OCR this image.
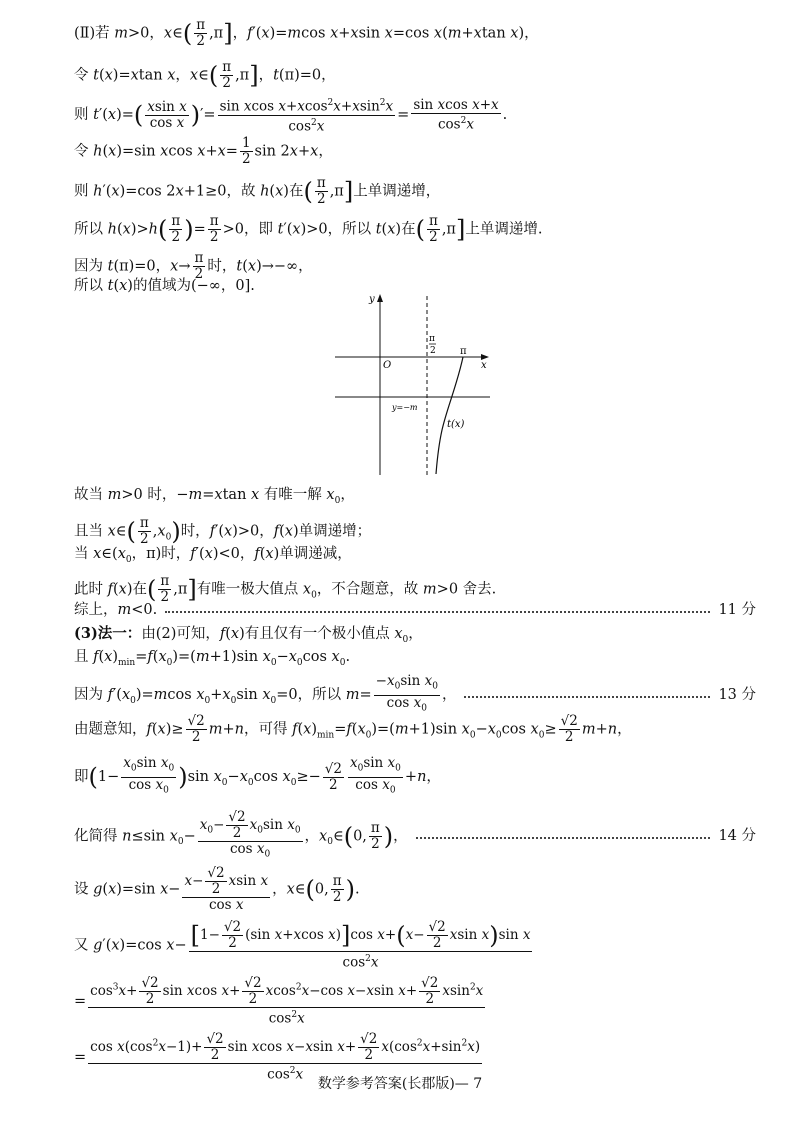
(Ⅱ)若 m>0，x∈( $\frac{\pi}{2} ,\pi$]，f′(x)=mcos x+xsin x=cos x(m+xtan x)，
令 t(x)=xtan x，x∈( $\frac{\pi}{2} ,\pi$]，t(π)=0，
则 $t'(x)=( \frac{\text{xsin x}}{\text{cos x}}$ )′= $\frac{\sin xcos x+xcos^2x+xsin^2x}{\cos^2x} = \frac{\text{sin xcos x+x}}{\cos^2x}$ .
令 h(x)=sin xcos $x+x= \frac{1}{2}$ sin 2x+x，
则 h′(x)=cos 2x+1≥0，故 h(x)在( $\frac{\pi}{2} ,\pi$]上单调递增，
所以 $h(x)>h( \frac{\pi}{2}$ )= $\frac{\pi}{2} >0$，即 t′(x)>0，所以 t(x)在( $\frac{\pi}{2} ,\pi$]上单调递增.
因为 t(π)=0，$x\to \frac{\pi}{2}$ 时，t(x)→−∞，
所以 t(x)的值域为(−∞，0].
y
x
O
π
2 π
y=−m
t(x)
故当 m>0 时，−m=xtan x 有唯一解 $x_0$，
且当 x∈( $\frac{\pi}{2} ,x_0$)时，f′(x)>0，f(x)单调递增；
当 $x\in(x_0$，π)时，f′(x)<0，f(x)单调递减，
此时 f(x)在( $\frac{\pi}{2} ,\pi$]有唯一极大值点 $x_0$，不合题意，故 m>0 舍去.
综上，m<0.	11 分
(3)法一：由(2)可知，f(x)有且仅有一个极小值点 $x_0$，
且 $f(x)_{min}=f(x_0)=(m+1)\sin$ $x_0-x_0\cos$ $x_0$.
因为 $f'(x_0)=mcos$ $x_0+x_0\sin$ $x_0=0$，所以 $m= \frac{-x_0\sin x_0}{\cos x_0}$ ，	13 分
由题意知，$f(x)\ge \frac{√2}{2} m+n$，可得 $f(x)_{min}=f(x_0)=(m+1)\sin$ $x_0-x_0\cos$ $x_0\ge \frac{√2}{2} m+n$，
即$(1- \frac{x_0\sin x_0}{\cos x_0} )\sin$ $x_0-x_0\cos$ $x_0\ge- \frac{√2}{2} \frac{x_0\sin x_0}{\cos x_0} +n$，
化简得 n≤sin $x_0- \frac{x_0- \frac{√2}{2} x_0\sin x_0}{\cos x_0}$ ，$x_0\in(0$, $\frac{\pi}{2}$ )，	14 分
设 g(x)=sin $x- \frac{x- \frac{√2}{2} xsin x}{\text{cos x}}$ ，x∈(0, $\frac{\pi}{2}$ ).
又 g′(x)=cos $x- \frac{[1- \frac{√2}{2} (\sin x+xcos x)]\cos x+(x- \frac{√2}{2} xsin x)\sin x}{\cos^2x}$
= $\frac{\cos^3x+ \frac{√2}{2} \sin xcos x+ \frac{√2}{2} xcos^2x-\cos x-xsin x+ \frac{√2}{2} xsin^2x}{\cos^2x}$
= $\frac{\cos x(\cos^2x-1)+ \frac{√2}{2} \sin xcos x-xsin x+ \frac{√2}{2} x(\cos^2x+\sin^2x)}{\cos^2x}$
数学参考答案(长郡版)— 7
